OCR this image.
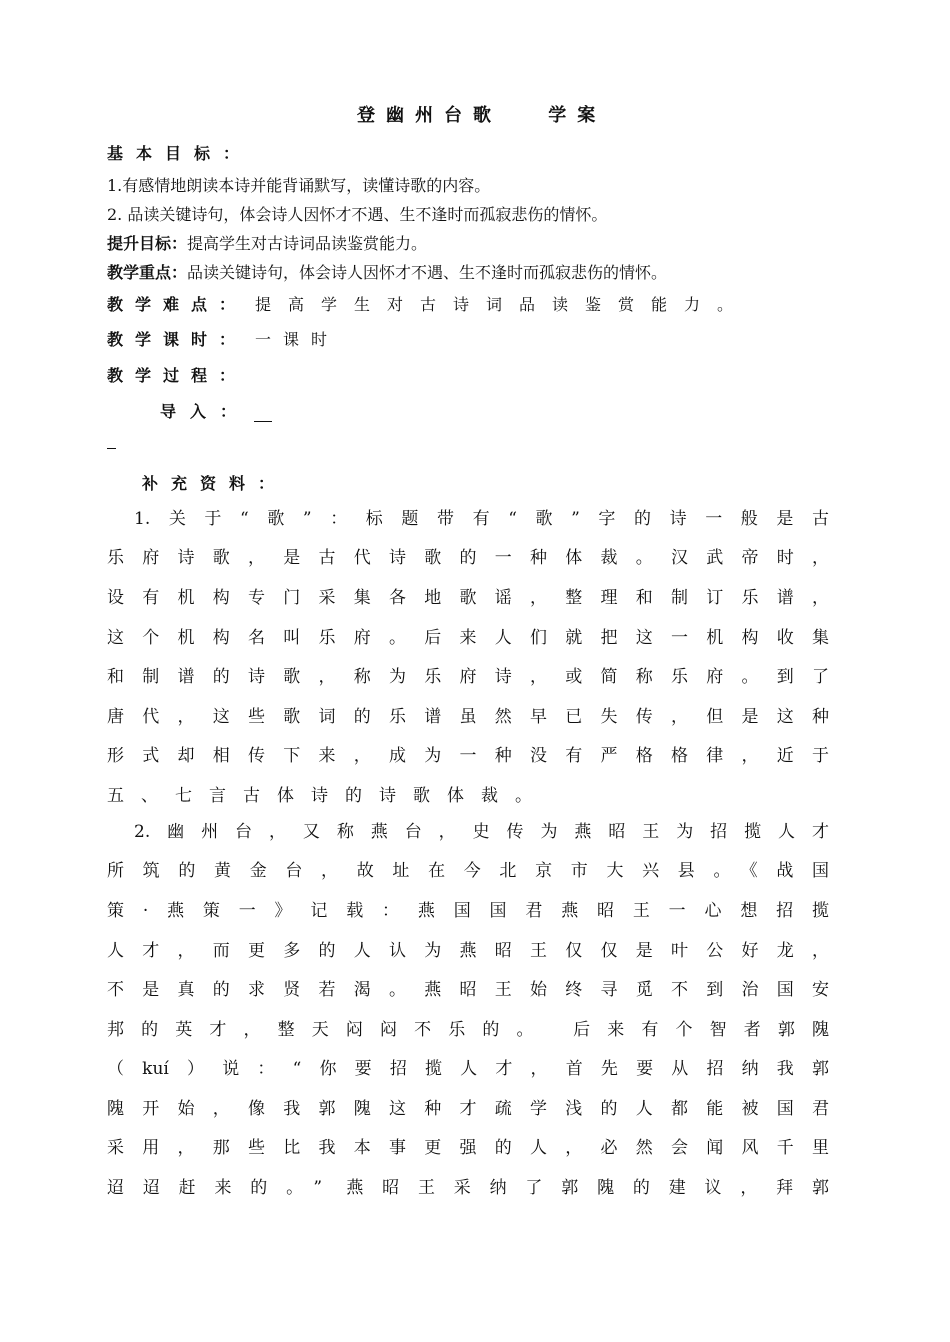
登幽州台歌　 学案
基本目标：
1.有感情地朗读本诗并能背诵默写，读懂诗歌的内容。
2. 品读关键诗句，体会诗人因怀才不遇、生不逢时而孤寂悲伤的情怀。
提升目标：提高学生对古诗词品读鉴赏能力。
教学重点：品读关键诗句，体会诗人因怀才不遇、生不逢时而孤寂悲伤的情怀。
教学难点： 提高学生对古诗词品读鉴赏能力。
教学课时： 一课时
教学过程：
导入：
补充资料：
1.关于“歌”：标题带有“歌”字的诗一般是古
乐府诗歌，是古代诗歌的一种体裁。汉武帝时，
设有机构专门采集各地歌谣，整理和制订乐谱，
这个机构名叫乐府。后来人们就把这一机构收集
和制谱的诗歌，称为乐府诗，或简称乐府。到了
唐代，这些歌词的乐谱虽然早已失传，但是这种
形式却相传下来，成为一种没有严格格律，近于
五、七言古体诗的诗歌体裁。
2.幽州台，又称燕台，史传为燕昭王为招揽人才
所筑的黄金台，故址在今北京市大兴县。《战国
策·燕策一》记载：燕国国君燕昭王一心想招揽
人才，而更多的人认为燕昭王仅仅是叶公好龙，
不是真的求贤若渴。燕昭王始终寻觅不到治国安
邦的英才，整天闷闷不乐的。 后来有个智者郭隗
（kuí）说：“你要招揽人才，首先要从招纳我郭
隗开始，像我郭隗这种才疏学浅的人都能被国君
采用，那些比我本事更强的人，必然会闻风千里
迢迢赶来的。” 燕昭王采纳了郭隗的建议，拜郭
